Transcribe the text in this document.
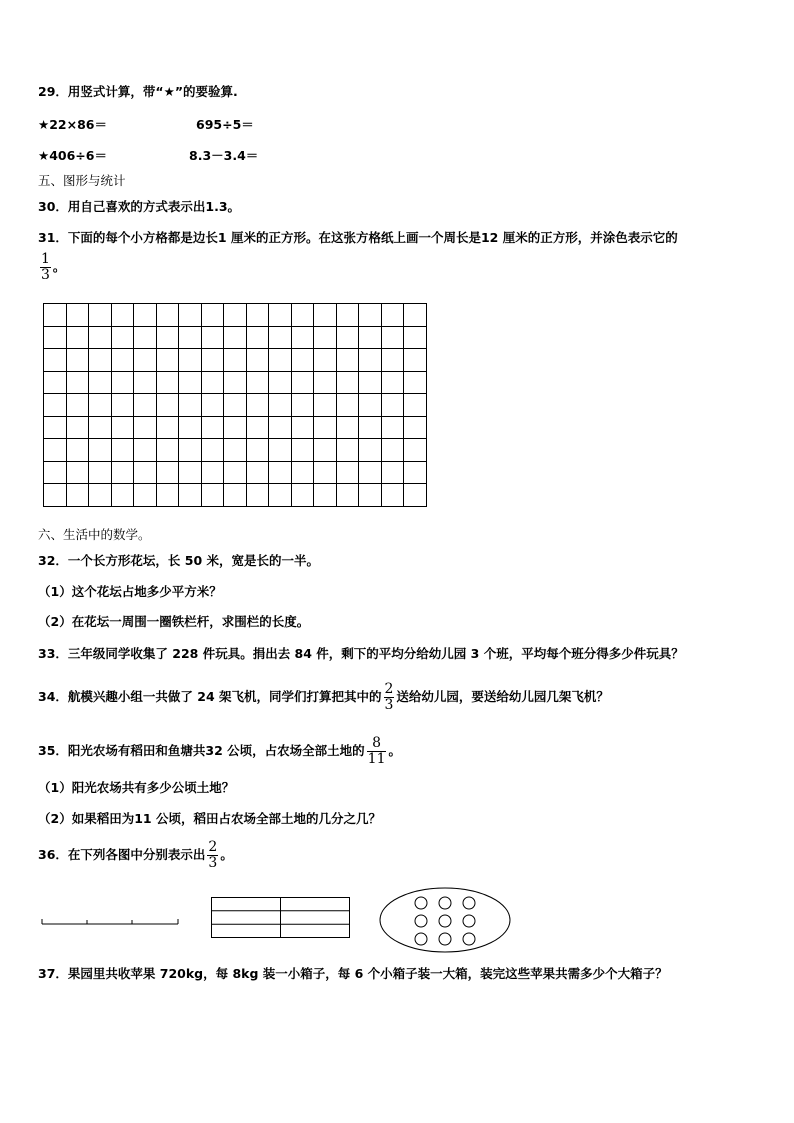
29．用竖式计算，带“★”的要验算.
★22×86＝	695÷5＝
★406÷6＝	8.3－3.4＝
五、图形与统计
30．用自己喜欢的方式表示出1.3。
31．下面的每个小方格都是边长1 厘米的正方形。在这张方格纸上画一个周长是12 厘米的正方形，并涂色表示它的
$\frac{1}{3}$ 。

六、生活中的数学。
32．一个长方形花坛，长 50 米，宽是长的一半。
（1）这个花坛占地多少平方米？
（2）在花坛一周围一圈铁栏杆，求围栏的长度。
33．三年级同学收集了 228 件玩具。捐出去 84 件，剩下的平均分给幼儿园 3 个班，平均每个班分得多少件玩具？
34．航模兴趣小组一共做了 24 架飞机，同学们打算把其中的 $\frac{2}{3}$ 送给幼儿园，要送给幼儿园几架飞机？
35．阳光农场有稻田和鱼塘共32 公顷，占农场全部土地的 $\frac{8}{11}$ 。
（1）阳光农场共有多少公顷土地？
（2）如果稻田为11 公顷，稻田占农场全部土地的几分之几？
36．在下列各图中分别表示出 $\frac{2}{3}$ 。
37．果园里共收苹果 720kg，每 8kg 装一小箱子，每 6 个小箱子装一大箱，装完这些苹果共需多少个大箱子？
